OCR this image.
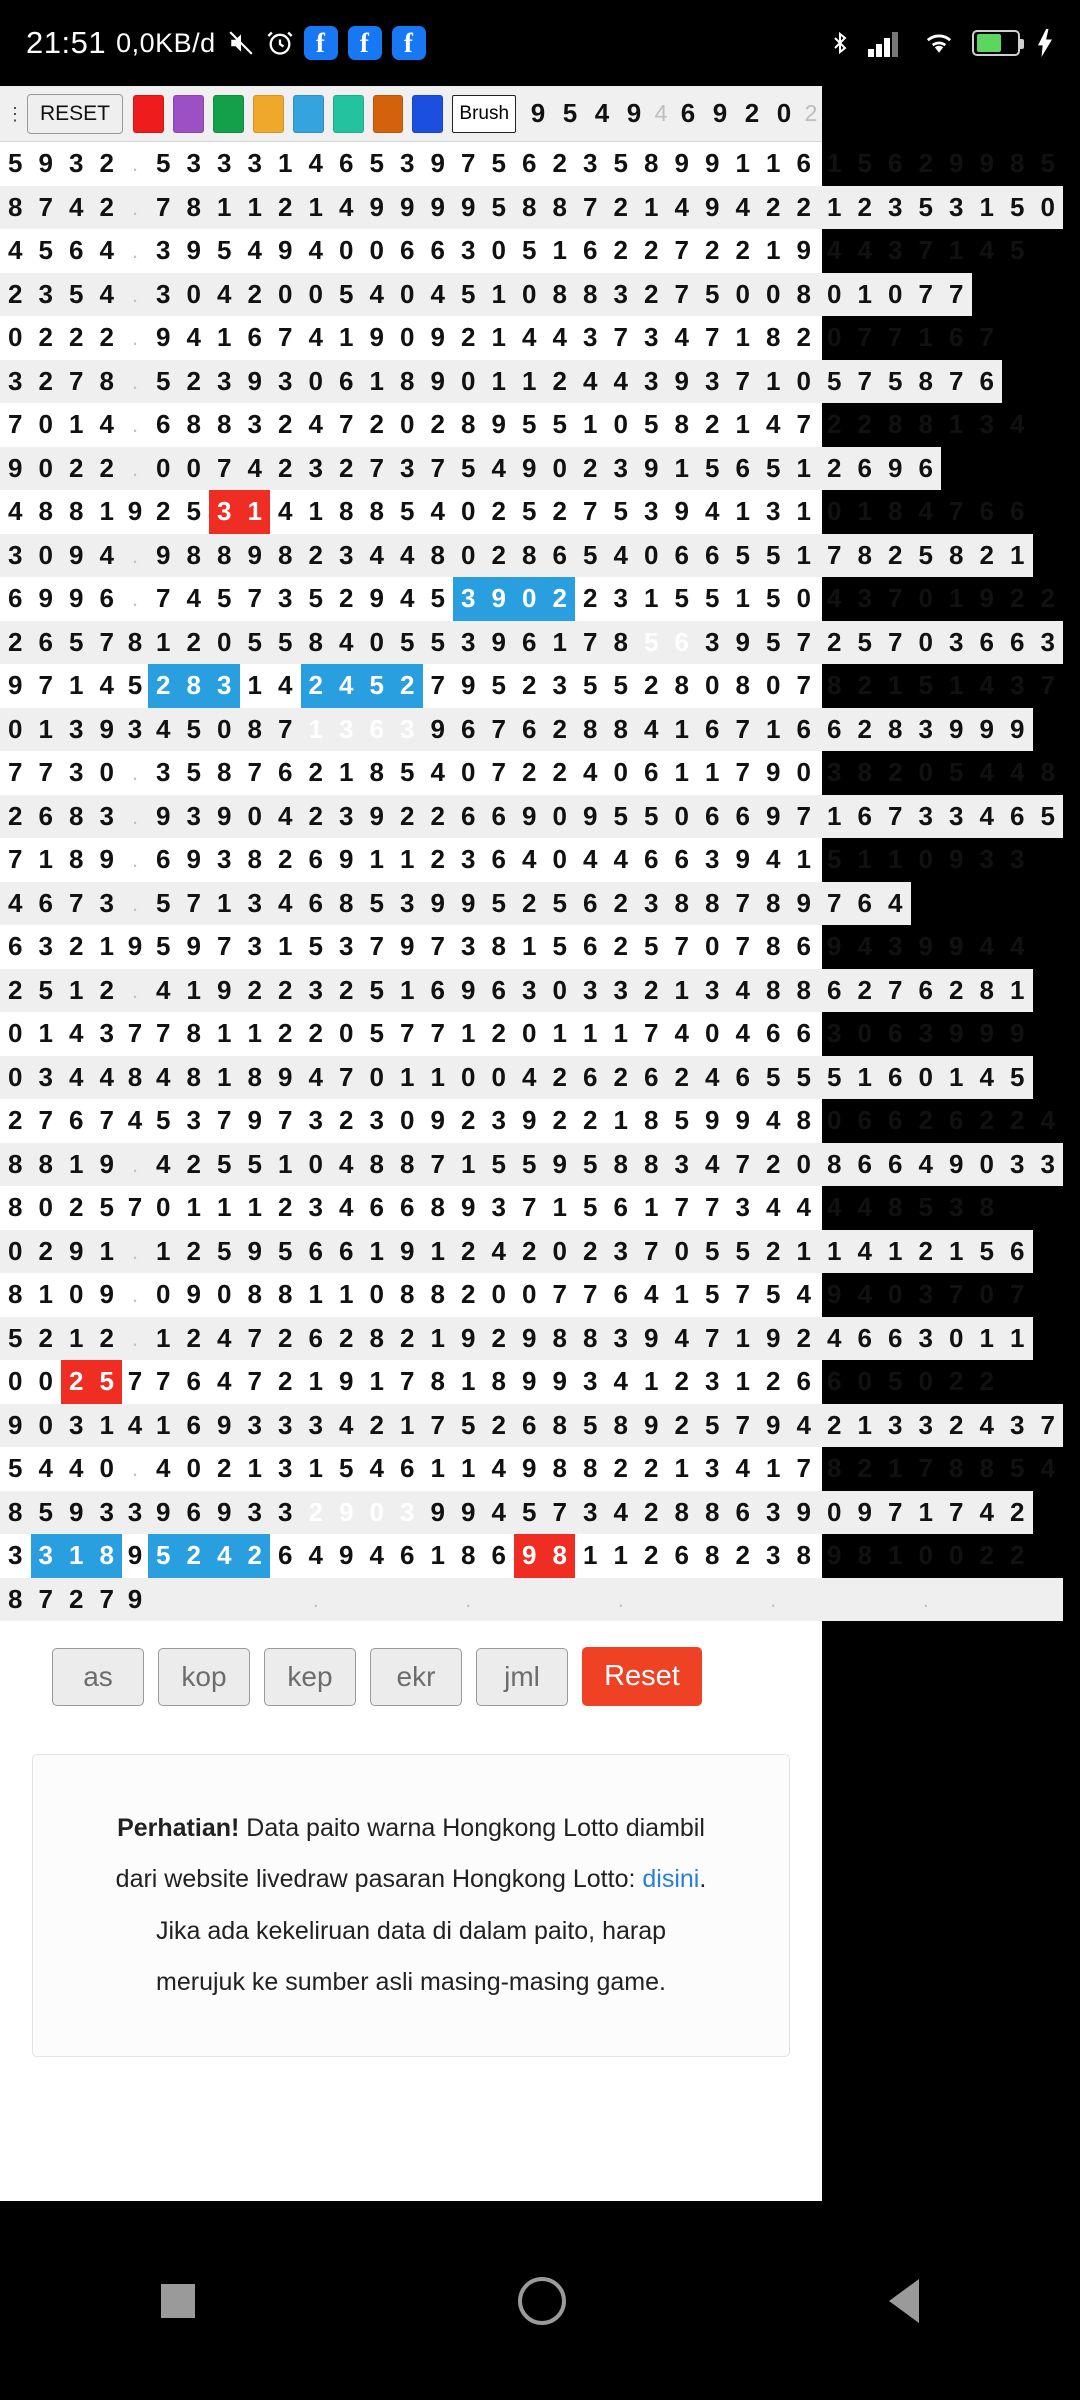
21:51 0,0KB/d	f	f	f
⋮ RESET	Brush 9 5 4 9 4 6 9 2 0 2
5	9	3	2	.	5	3	3	3	1	4	6	5	3	9	7	5	6	2	3	5	8	9	9	1	1	6	1	5	6	2	9	9	8	5
8	7	4	2	.	7	8	1	1	2	1	4	9	9	9	9	5	8	8	7	2	1	4	9	4	2	2	1	2	3	5	3	1	5	0
4	5	6	4	.	3	9	5	4	9	4	0	0	6	6	3	0	5	1	6	2	2	7	2	2	1	9	4	4	3	7	1	4	5	
2	3	5	4	.	3	0	4	2	0	0	5	4	0	4	5	1	0	8	8	3	2	7	5	0	0	8	0	1	0	7	7			
0	2	2	2	.	9	4	1	6	7	4	1	9	0	9	2	1	4	4	3	7	3	4	7	1	8	2	0	7	7	1	6	7		
3	2	7	8	.	5	2	3	9	3	0	6	1	8	9	0	1	1	2	4	4	3	9	3	7	1	0	5	7	5	8	7	6		
7	0	1	4	.	6	8	8	3	2	4	7	2	0	2	8	9	5	5	1	0	5	8	2	1	4	7	2	2	8	8	1	3	4	
9	0	2	2	.	0	0	7	4	2	3	2	7	3	7	5	4	9	0	2	3	9	1	5	6	5	1	2	6	9	6				
4	8	8	1	9	2	5	3	1	4	1	8	8	5	4	0	2	5	2	7	5	3	9	4	1	3	1	0	1	8	4	7	6	6	
3	0	9	4	.	9	8	8	9	8	2	3	4	4	8	0	2	8	6	5	4	0	6	6	5	5	1	7	8	2	5	8	2	1	
6	9	9	6	.	7	4	5	7	3	5	2	9	4	5	3	9	0	2	2	3	1	5	5	1	5	0	4	3	7	0	1	9	2	2
2	6	5	7	8	1	2	0	5	5	8	4	0	5	5	3	9	6	1	7	8	5	6	3	9	5	7	2	5	7	0	3	6	6	3
9	7	1	4	5	2	8	3	1	4	2	4	5	2	7	9	5	2	3	5	5	2	8	0	8	0	7	8	2	1	5	1	4	3	7
0	1	3	9	3	4	5	0	8	7	1	3	6	3	9	6	7	6	2	8	8	4	1	6	7	1	6	6	2	8	3	9	9	9	
7	7	3	0	.	3	5	8	7	6	2	1	8	5	4	0	7	2	2	4	0	6	1	1	7	9	0	3	8	2	0	5	4	4	8
2	6	8	3	.	9	3	9	0	4	2	3	9	2	2	6	6	9	0	9	5	5	0	6	6	9	7	1	6	7	3	3	4	6	5
7	1	8	9	.	6	9	3	8	2	6	9	1	1	2	3	6	4	0	4	4	6	6	3	9	4	1	5	1	1	0	9	3	3	
4	6	7	3	.	5	7	1	3	4	6	8	5	3	9	9	5	2	5	6	2	3	8	8	7	8	9	7	6	4					
6	3	2	1	9	5	9	7	3	1	5	3	7	9	7	3	8	1	5	6	2	5	7	0	7	8	6	9	4	3	9	9	4	4	
2	5	1	2	.	4	1	9	2	2	3	2	5	1	6	9	6	3	0	3	3	2	1	3	4	8	8	6	2	7	6	2	8	1	
0	1	4	3	7	7	8	1	1	2	2	0	5	7	7	1	2	0	1	1	1	7	4	0	4	6	6	3	0	6	3	9	9	9	
0	3	4	4	8	4	8	1	8	9	4	7	0	1	1	0	0	4	2	6	2	6	2	4	6	5	5	5	1	6	0	1	4	5	
2	7	6	7	4	5	3	7	9	7	3	2	3	0	9	2	3	9	2	2	1	8	5	9	9	4	8	0	6	6	2	6	2	2	4
8	8	1	9	.	4	2	5	5	1	0	4	8	8	7	1	5	5	9	5	8	8	3	4	7	2	0	8	6	6	4	9	0	3	3
8	0	2	5	7	0	1	1	1	2	3	4	6	6	8	9	3	7	1	5	6	1	7	7	3	4	4	4	4	8	5	3	8		
0	2	9	1	.	1	2	5	9	5	6	6	1	9	1	2	4	2	0	2	3	7	0	5	5	2	1	1	4	1	2	1	5	6	
8	1	0	9	.	0	9	0	8	8	1	1	0	8	8	2	0	0	7	7	6	4	1	5	7	5	4	9	4	0	3	7	0	7	
5	2	1	2	.	1	2	4	7	2	6	2	8	2	1	9	2	9	8	8	3	9	4	7	1	9	2	4	6	6	3	0	1	1	
0	0	2	5	7	7	6	4	7	2	1	9	1	7	8	1	8	9	9	3	4	1	2	3	1	2	6	6	0	5	0	2	2		
9	0	3	1	4	1	6	9	3	3	3	4	2	1	7	5	2	6	8	5	8	9	2	5	7	9	4	2	1	3	3	2	4	3	7
5	4	4	0	.	4	0	2	1	3	1	5	4	6	1	1	4	9	8	8	2	2	1	3	4	1	7	8	2	1	7	8	8	5	4
8	5	9	3	3	9	6	9	3	3	2	9	0	3	9	9	4	5	7	3	4	2	8	8	6	3	9	0	9	7	1	7	4	2	
3	3	1	8	9	5	2	4	2	6	4	9	4	6	1	8	6	9	8	1	1	2	6	8	2	3	8	9	8	1	0	0	2	2	
8	7	2	7	9						.					.					.					.					.				
as	kop	kep	ekr	jml	Reset
Perhatian! Data paito warna Hongkong Lotto diambil
dari website livedraw pasaran Hongkong Lotto: disini.
Jika ada kekeliruan data di dalam paito, harap
merujuk ke sumber asli masing-masing game.
